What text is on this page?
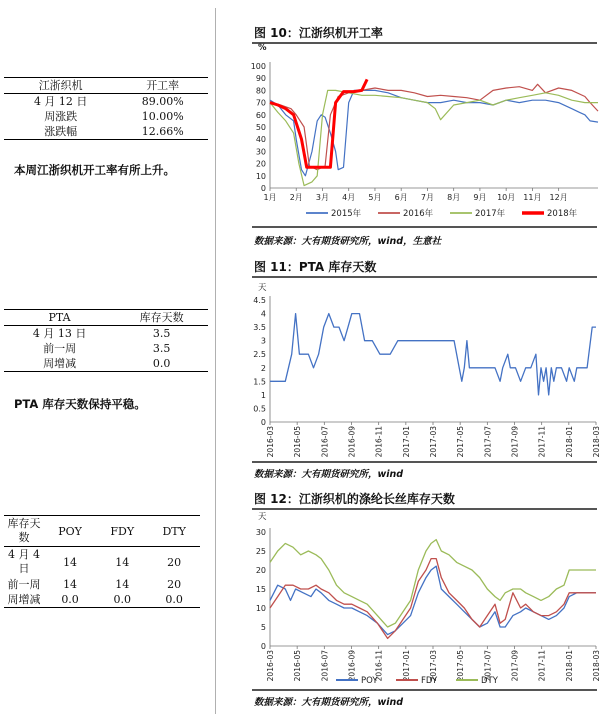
江浙织机	开工率
4 月 12 日	89.00%
周涨跌	10.00%
涨跌幅	12.66%
本周江浙织机开工率有所上升。
PTA	库存天数
4 月 13 日	3.5
前一周	3.5
周增减	0.0
PTA 库存天数保持平稳。
库存天数	POY	FDY	DTY
4 月 4 日	14	14	20
前一周	14	14	20
周增减	0.0	0.0	0.0
图 10：江浙织机开工率
%
0
10
20
30
40
50
60
70
80
90
100
1月 2月 3月 4月 5月 6月 7月 8月 9月 10月 11月 12月
2015年	2016年	2017年	2018年
数据来源：大有期货研究所，wind，生意社
图 11：PTA 库存天数
天
0
0.5
1
1.5
2
2.5
3
3.5
4
4.5
2016-03 2016-05 2016-07 2016-09 2016-11 2017-01 2017-03 2017-05 2017-07 2017-09 2017-11 2018-01 2018-03
数据来源：大有期货研究所，wind
图 12：江浙织机的涤纶长丝库存天数
天
0
5
10
15
20
25
30
2016-03 2016-05 2016-07 2016-09 2016-11 2017-01 2017-03 2017-05 2017-07 2017-09 2017-11 2018-01 2018-03
POY	FDY	DTY
数据来源：大有期货研究所，wind
